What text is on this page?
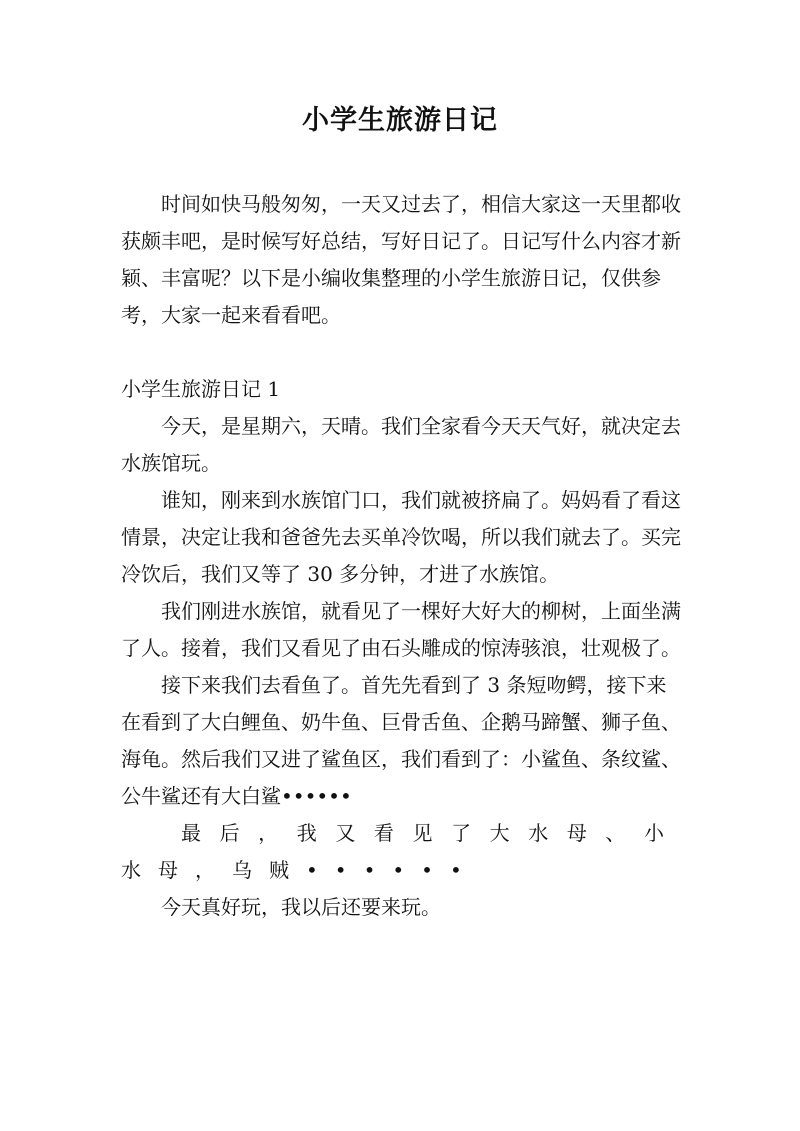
小学生旅游日记
时间如快马般匆匆，一天又过去了，相信大家这一天里都收获颇丰吧，是时候写好总结，写好日记了。日记写什么内容才新颖、丰富呢？以下是小编收集整理的小学生旅游日记，仅供参考，大家一起来看看吧。
小学生旅游日记 1

今天，是星期六，天晴。我们全家看今天天气好，就决定去水族馆玩。

谁知，刚来到水族馆门口，我们就被挤扁了。妈妈看了看这情景，决定让我和爸爸先去买单冷饮喝，所以我们就去了。买完冷饮后，我们又等了 30 多分钟，才进了水族馆。

我们刚进水族馆，就看见了一棵好大好大的柳树，上面坐满了人。接着，我们又看见了由石头雕成的惊涛骇浪，壮观极了。

接下来我们去看鱼了。首先先看到了 3 条短吻鳄，接下来在看到了大白鲤鱼、奶牛鱼、巨骨舌鱼、企鹅马蹄蟹、狮子鱼、海龟。然后我们又进了鲨鱼区，我们看到了：小鲨鱼、条纹鲨、公牛鲨还有大白鲨••••••

最后，我又看见了大水母、小水母，乌贼••••••

今天真好玩，我以后还要来玩。
